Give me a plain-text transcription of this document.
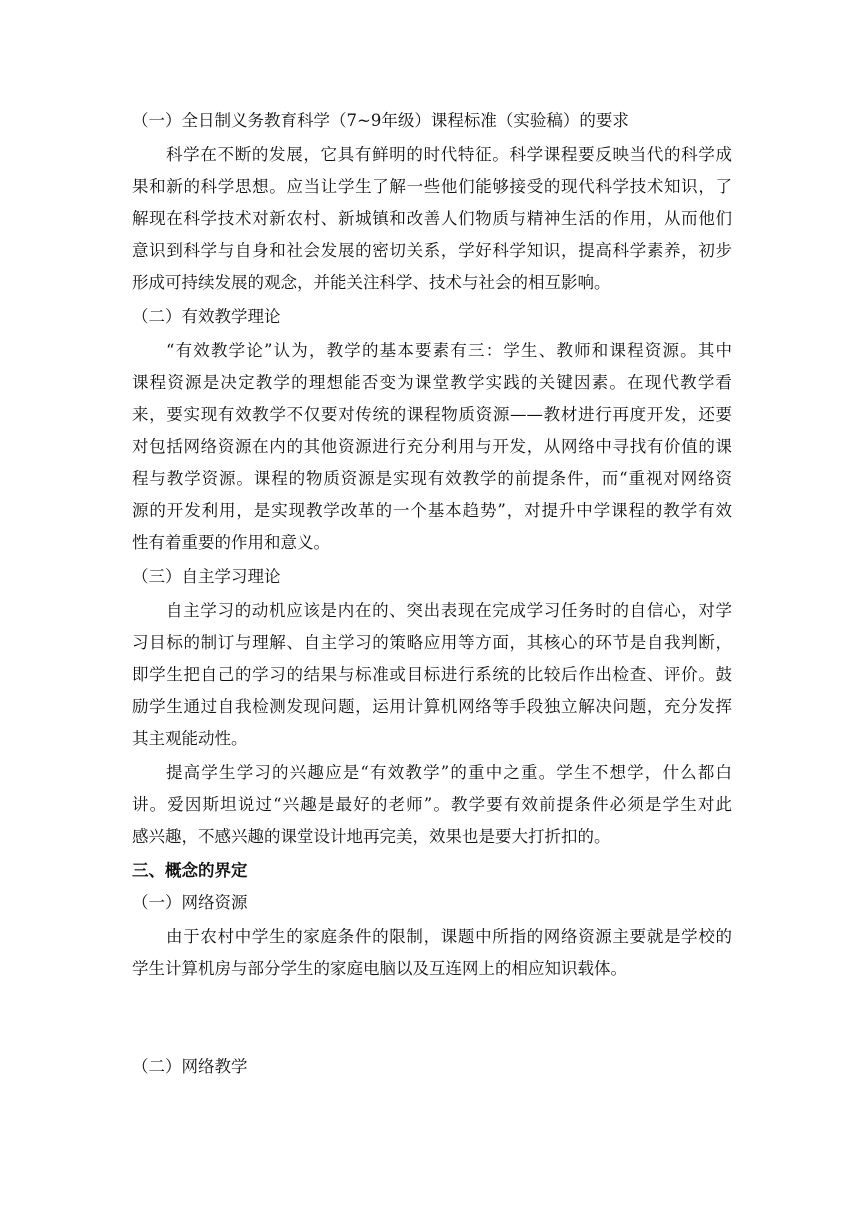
（一）全日制义务教育科学（7~9年级）课程标准（实验稿）的要求
科学在不断的发展，它具有鲜明的时代特征。科学课程要反映当代的科学成
果和新的科学思想。应当让学生了解一些他们能够接受的现代科学技术知识，了
解现在科学技术对新农村、新城镇和改善人们物质与精神生活的作用，从而他们
意识到科学与自身和社会发展的密切关系，学好科学知识，提高科学素养，初步
形成可持续发展的观念，并能关注科学、技术与社会的相互影响。
（二）有效教学理论
“有效教学论”认为，教学的基本要素有三：学生、教师和课程资源。其中
课程资源是决定教学的理想能否变为课堂教学实践的关键因素。在现代教学看
来，要实现有效教学不仅要对传统的课程物质资源——教材进行再度开发，还要
对包括网络资源在内的其他资源进行充分利用与开发，从网络中寻找有价值的课
程与教学资源。课程的物质资源是实现有效教学的前提条件，而“重视对网络资
源的开发利用，是实现教学改革的一个基本趋势”，对提升中学课程的教学有效
性有着重要的作用和意义。
（三）自主学习理论
自主学习的动机应该是内在的、突出表现在完成学习任务时的自信心，对学
习目标的制订与理解、自主学习的策略应用等方面，其核心的环节是自我判断，
即学生把自己的学习的结果与标准或目标进行系统的比较后作出检查、评价。鼓
励学生通过自我检测发现问题，运用计算机网络等手段独立解决问题，充分发挥
其主观能动性。
提高学生学习的兴趣应是“有效教学”的重中之重。学生不想学，什么都白
讲。爱因斯坦说过“兴趣是最好的老师”。教学要有效前提条件必须是学生对此
感兴趣，不感兴趣的课堂设计地再完美，效果也是要大打折扣的。
三、概念的界定
（一）网络资源
由于农村中学生的家庭条件的限制，课题中所指的网络资源主要就是学校的
学生计算机房与部分学生的家庭电脑以及互连网上的相应知识载体。
（二）网络教学
